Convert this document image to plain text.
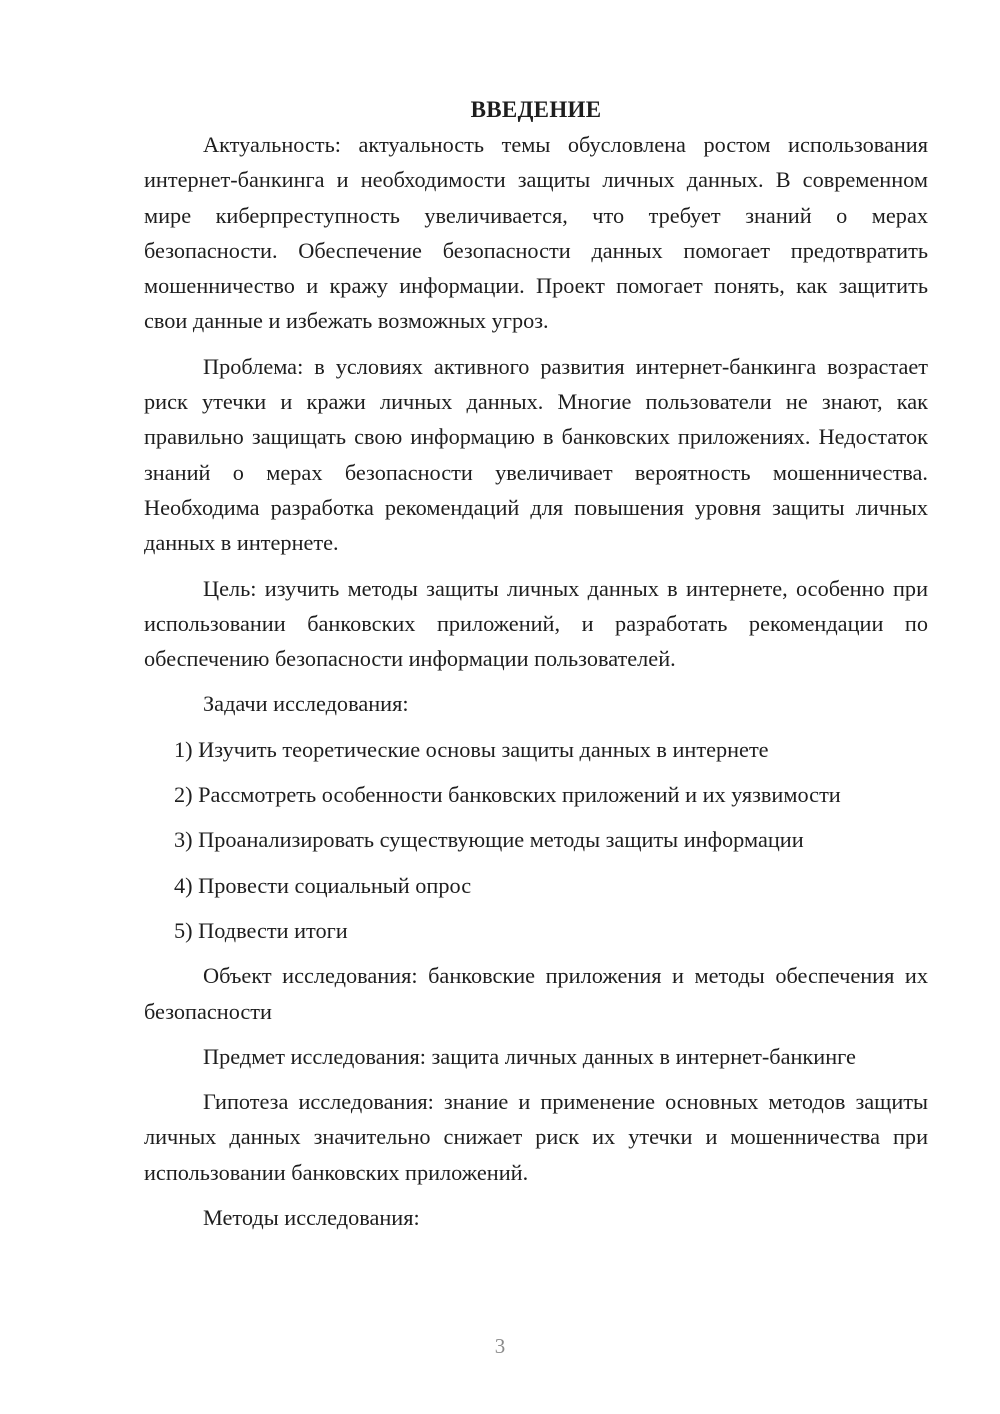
ВВЕДЕНИЕ

Актуальность: актуальность темы обусловлена ростом использования интернет-банкинга и необходимости защиты личных данных. В современном мире киберпреступность увеличивается, что требует знаний о мерах безопасности. Обеспечение безопасности данных помогает предотвратить мошенничество и кражу информации. Проект помогает понять, как защитить свои данные и избежать возможных угроз.

Проблема: в условиях активного развития интернет-банкинга возрастает риск утечки и кражи личных данных. Многие пользователи не знают, как правильно защищать свою информацию в банковских приложениях. Недостаток знаний о мерах безопасности увеличивает вероятность мошенничества. Необходима разработка рекомендаций для повышения уровня защиты личных данных в интернете.

Цель: изучить методы защиты личных данных в интернете, особенно при использовании банковских приложений, и разработать рекомендации по обеспечению безопасности информации пользователей.

Задачи исследования:

1) Изучить теоретические основы защиты данных в интернете

2) Рассмотреть особенности банковских приложений и их уязвимости

3) Проанализировать существующие методы защиты информации

4) Провести социальный опрос

5) Подвести итоги

Объект исследования: банковские приложения и методы обеспечения их безопасности

Предмет исследования: защита личных данных в интернет-банкинге

Гипотеза исследования: знание и применение основных методов защиты личных данных значительно снижает риск их утечки и мошенничества при использовании банковских приложений.

Методы исследования:

3
